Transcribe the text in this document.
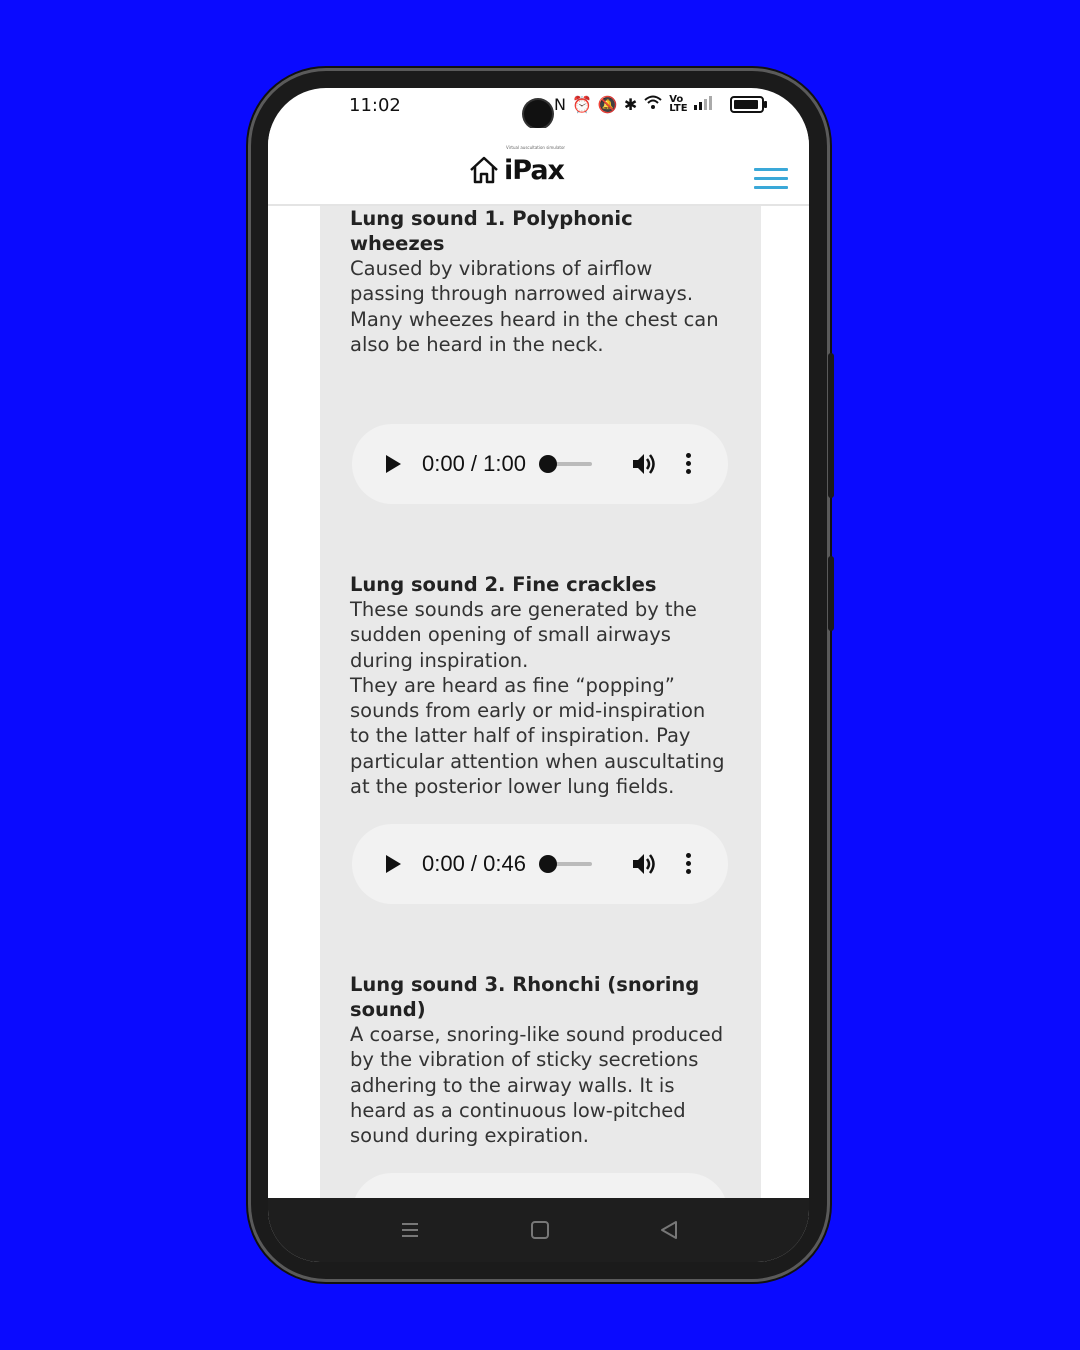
11:02	N ⏰ 🔕 ✱	Vo
LTE
iPax
Virtual auscultation simulator
Lung sound 1. Polyphonic wheezes
Caused by vibrations of airflow
passing through narrowed airways.
Many wheezes heard in the chest can
also be heard in the neck.
0:00 / 1:00
Lung sound 2. Fine crackles
These sounds are generated by the
sudden opening of small airways
during inspiration.
They are heard as fine “popping”
sounds from early or mid-inspiration
to the latter half of inspiration. Pay
particular attention when auscultating
at the posterior lower lung fields.
0:00 / 0:46
Lung sound 3. Rhonchi (snoring
sound)
A coarse, snoring-like sound produced
by the vibration of sticky secretions
adhering to the airway walls. It is
heard as a continuous low-pitched
sound during expiration.
